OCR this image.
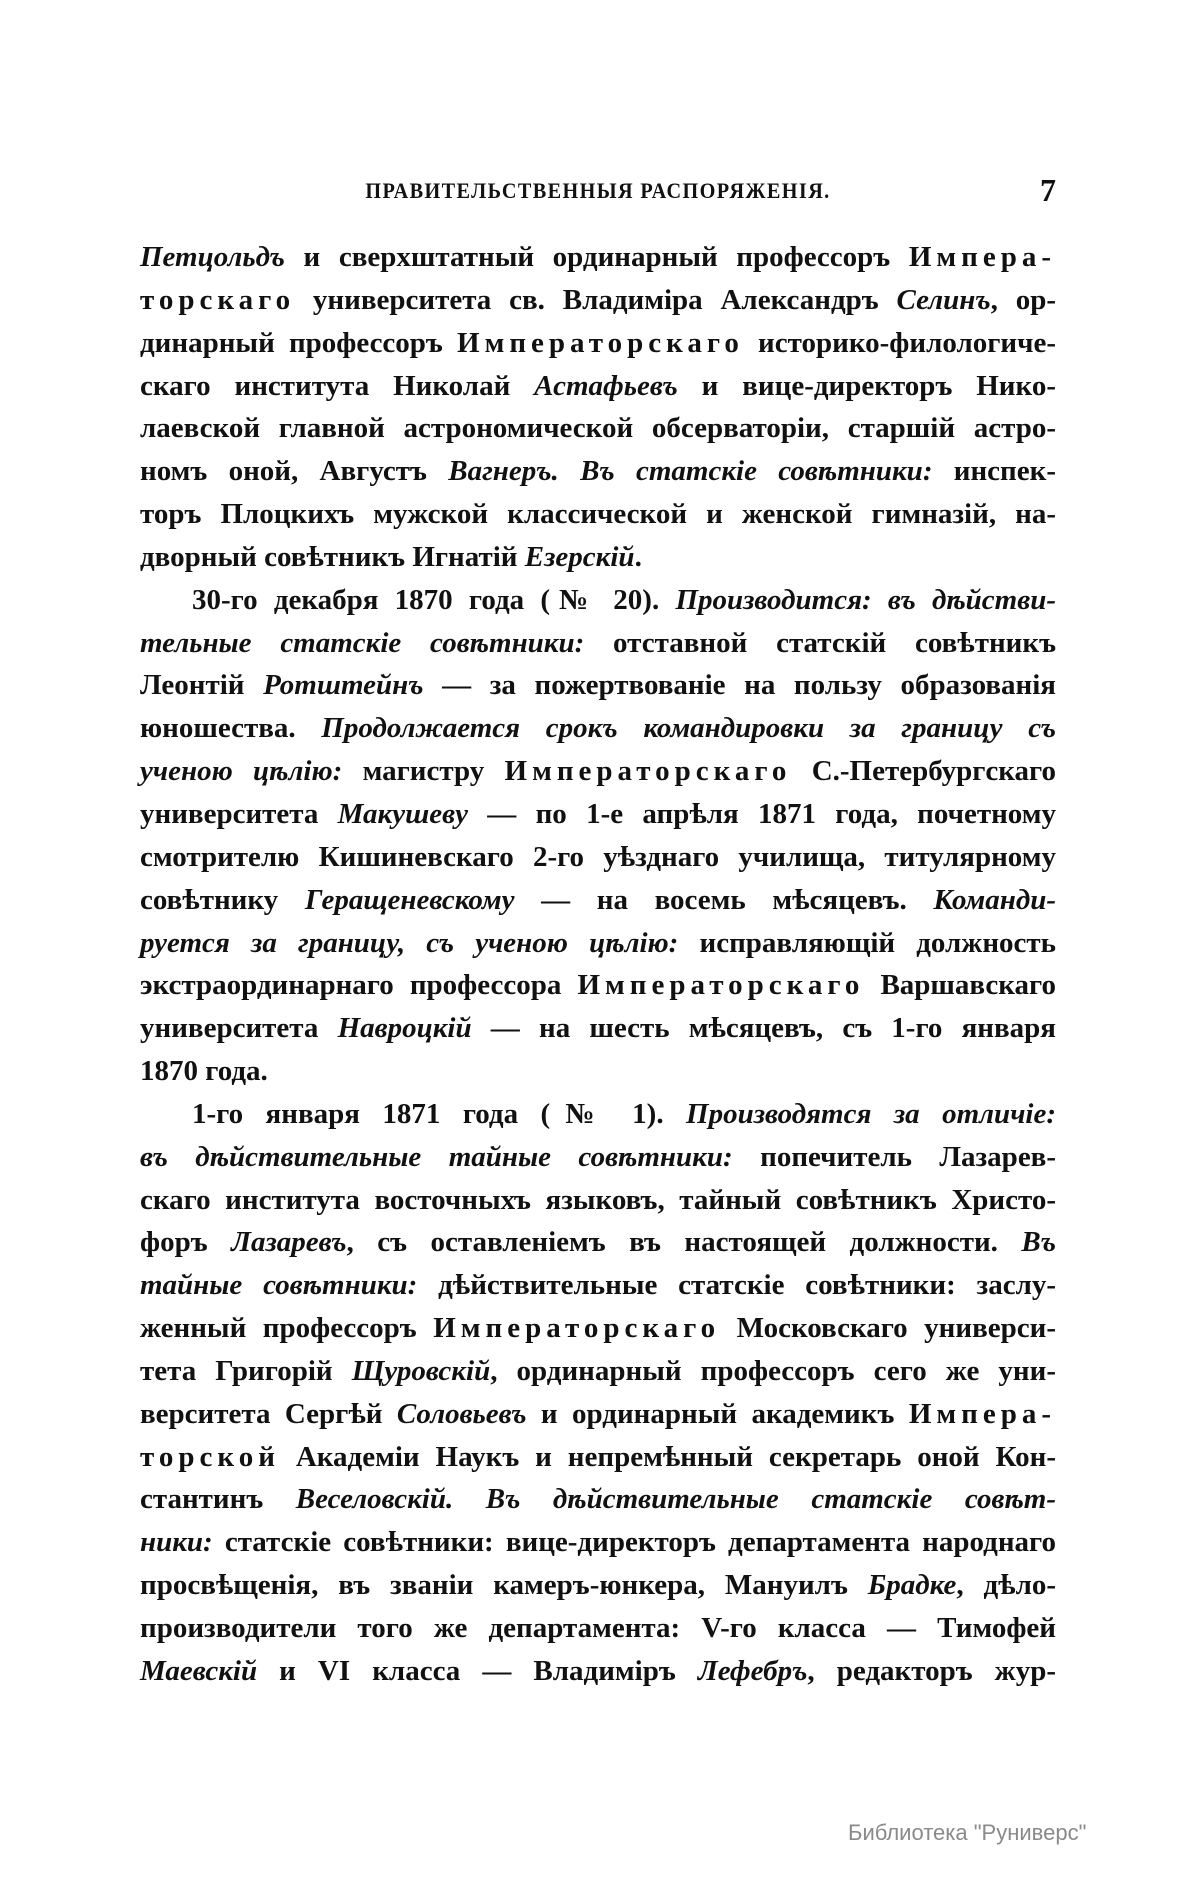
ПРАВИТЕЛЬСТВЕННЫЯ РАСПОРЯЖЕНІЯ.	7
Петцольдъ и сверхштатный ординарный профессоръ Импера-
торскаго университета св. Владиміра Александръ Селинъ, ор-
динарный профессоръ Императорскаго историко-филологиче-
скаго института Николай Астафьевъ и вице-директоръ Нико-
лаевской главной астрономической обсерваторіи, старшій астро-
номъ оной, Августъ Вагнеръ. Въ статскіе совѣтники: инспек-
торъ Плоцкихъ мужской классической и женской гимназій, на-
дворный совѣтникъ Игнатій Езерскій.
30-го декабря 1870 года (№ 20). Производится: въ дѣйстви-
тельные статскіе совѣтники: отставной статскій совѣтникъ
Леонтій Ротштейнъ — за пожертвованіе на пользу образованія
юношества. Продолжается срокъ командировки за границу съ
ученою цѣлію: магистру Императорскаго С.-Петербургскаго
университета Макушеву — по 1-е апрѣля 1871 года, почетному
смотрителю Кишиневскаго 2-го уѣзднаго училища, титулярному
совѣтнику Геращеневскому — на восемь мѣсяцевъ. Команди-
руется за границу, съ ученою цѣлію: исправляющій должность
экстраординарнаго профессора Императорскаго Варшавскаго
университета Навроцкій — на шесть мѣсяцевъ, съ 1-го января
1870 года.
1-го января 1871 года (№ 1). Производятся за отличіе:
въ дѣйствительные тайные совѣтники: попечитель Лазарев-
скаго института восточныхъ языковъ, тайный совѣтникъ Христо-
форъ Лазаревъ, съ оставленіемъ въ настоящей должности. Въ
тайные совѣтники: дѣйствительные статскіе совѣтники: заслу-
женный профессоръ Императорскаго Московскаго универси-
тета Григорій Щуровскій, ординарный профессоръ сего же уни-
верситета Сергѣй Соловьевъ и ординарный академикъ Импера-
торской Академіи Наукъ и непремѣнный секретарь оной Кон-
стантинъ Веселовскій. Въ дѣйствительные статскіе совѣт-
ники: статскіе совѣтники: вице-директоръ департамента народнаго
просвѣщенія, въ званіи камеръ-юнкера, Мануилъ Брадке, дѣло-
производители того же департамента: V-го класса — Тимофей
Маевскій и VI класса — Владиміръ Лефебръ, редакторъ жур-
Библиотека "Руниверс"
